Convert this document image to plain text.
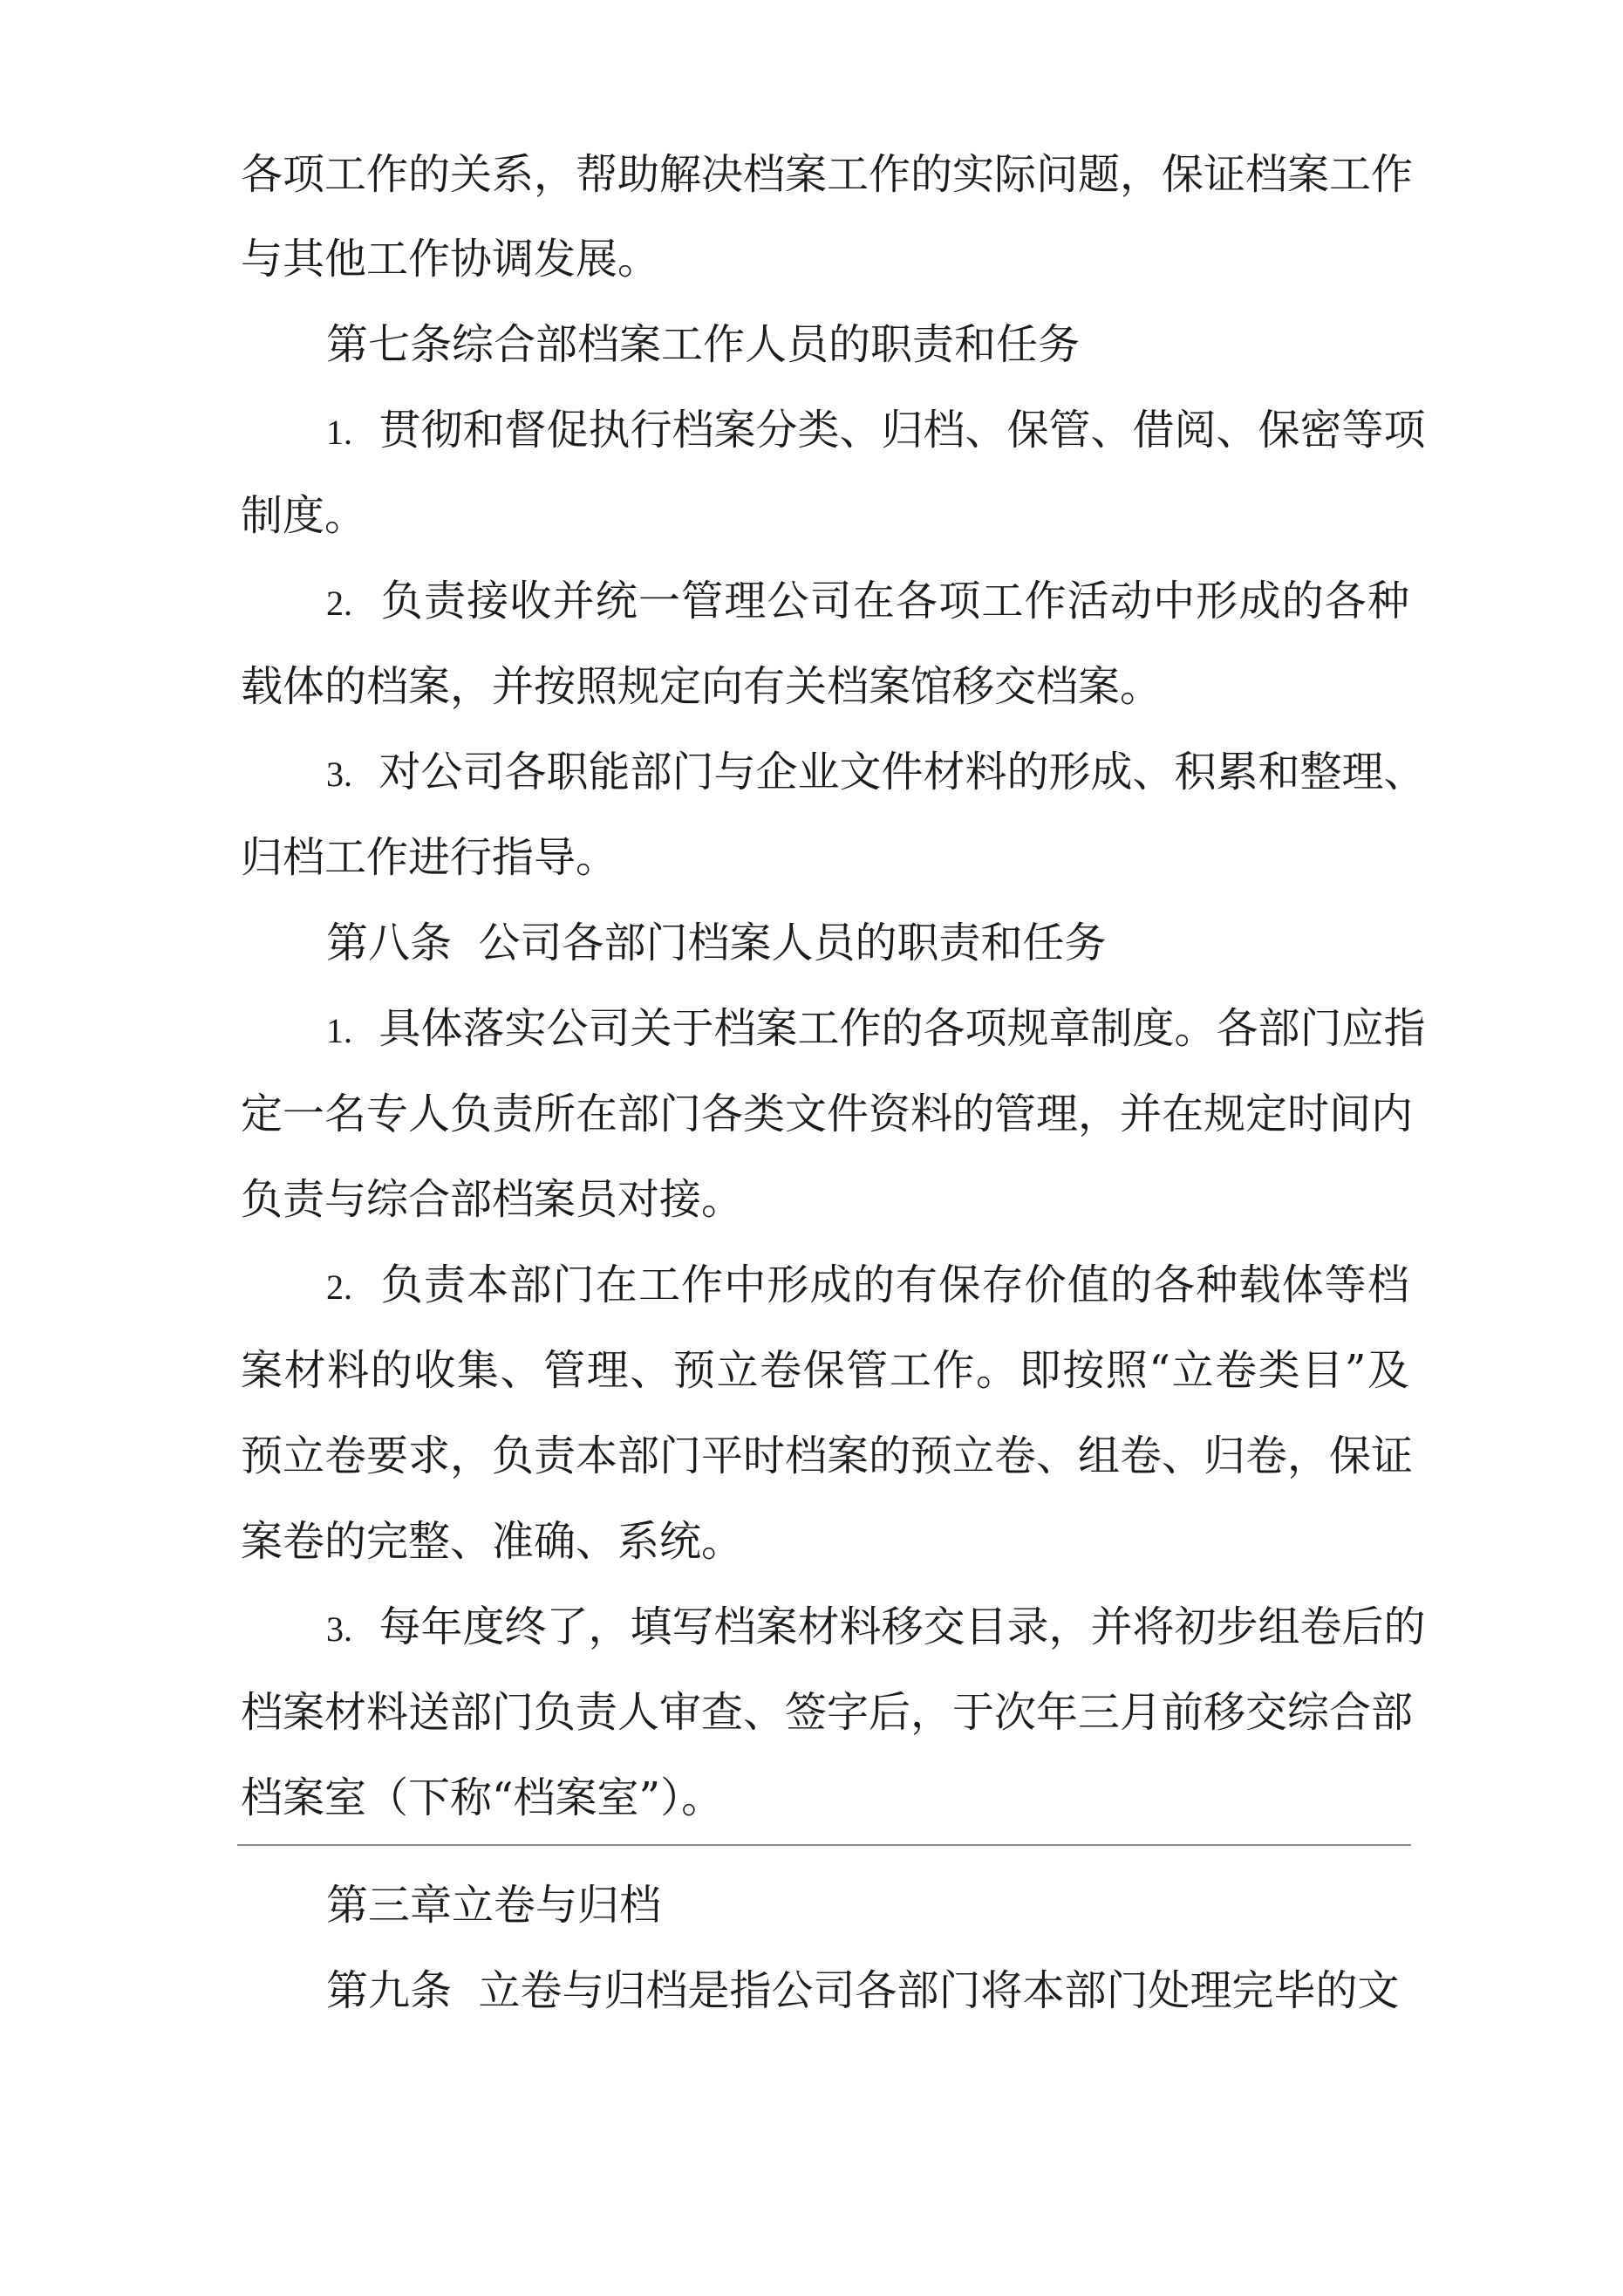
各项工作的关系，帮助解决档案工作的实际问题，保证档案工作
与其他工作协调发展。
第七条综合部档案工作人员的职责和任务
1. 贯彻和督促执行档案分类、归档、保管、借阅、保密等项
制度。
2. 负责接收并统一管理公司在各项工作活动中形成的各种
载体的档案，并按照规定向有关档案馆移交档案。
3. 对公司各职能部门与企业文件材料的形成、积累和整理、
归档工作进行指导。
第八条  公司各部门档案人员的职责和任务
1. 具体落实公司关于档案工作的各项规章制度。各部门应指
定一名专人负责所在部门各类文件资料的管理，并在规定时间内
负责与综合部档案员对接。
2. 负责本部门在工作中形成的有保存价值的各种载体等档
案材料的收集、管理、预立卷保管工作。即按照“立卷类目”及
预立卷要求，负责本部门平时档案的预立卷、组卷、归卷，保证
案卷的完整、准确、系统。
3. 每年度终了，填写档案材料移交目录，并将初步组卷后的
档案材料送部门负责人审查、签字后，于次年三月前移交综合部
档案室（下称“档案室”）。
第三章立卷与归档
第九条  立卷与归档是指公司各部门将本部门处理完毕的文
